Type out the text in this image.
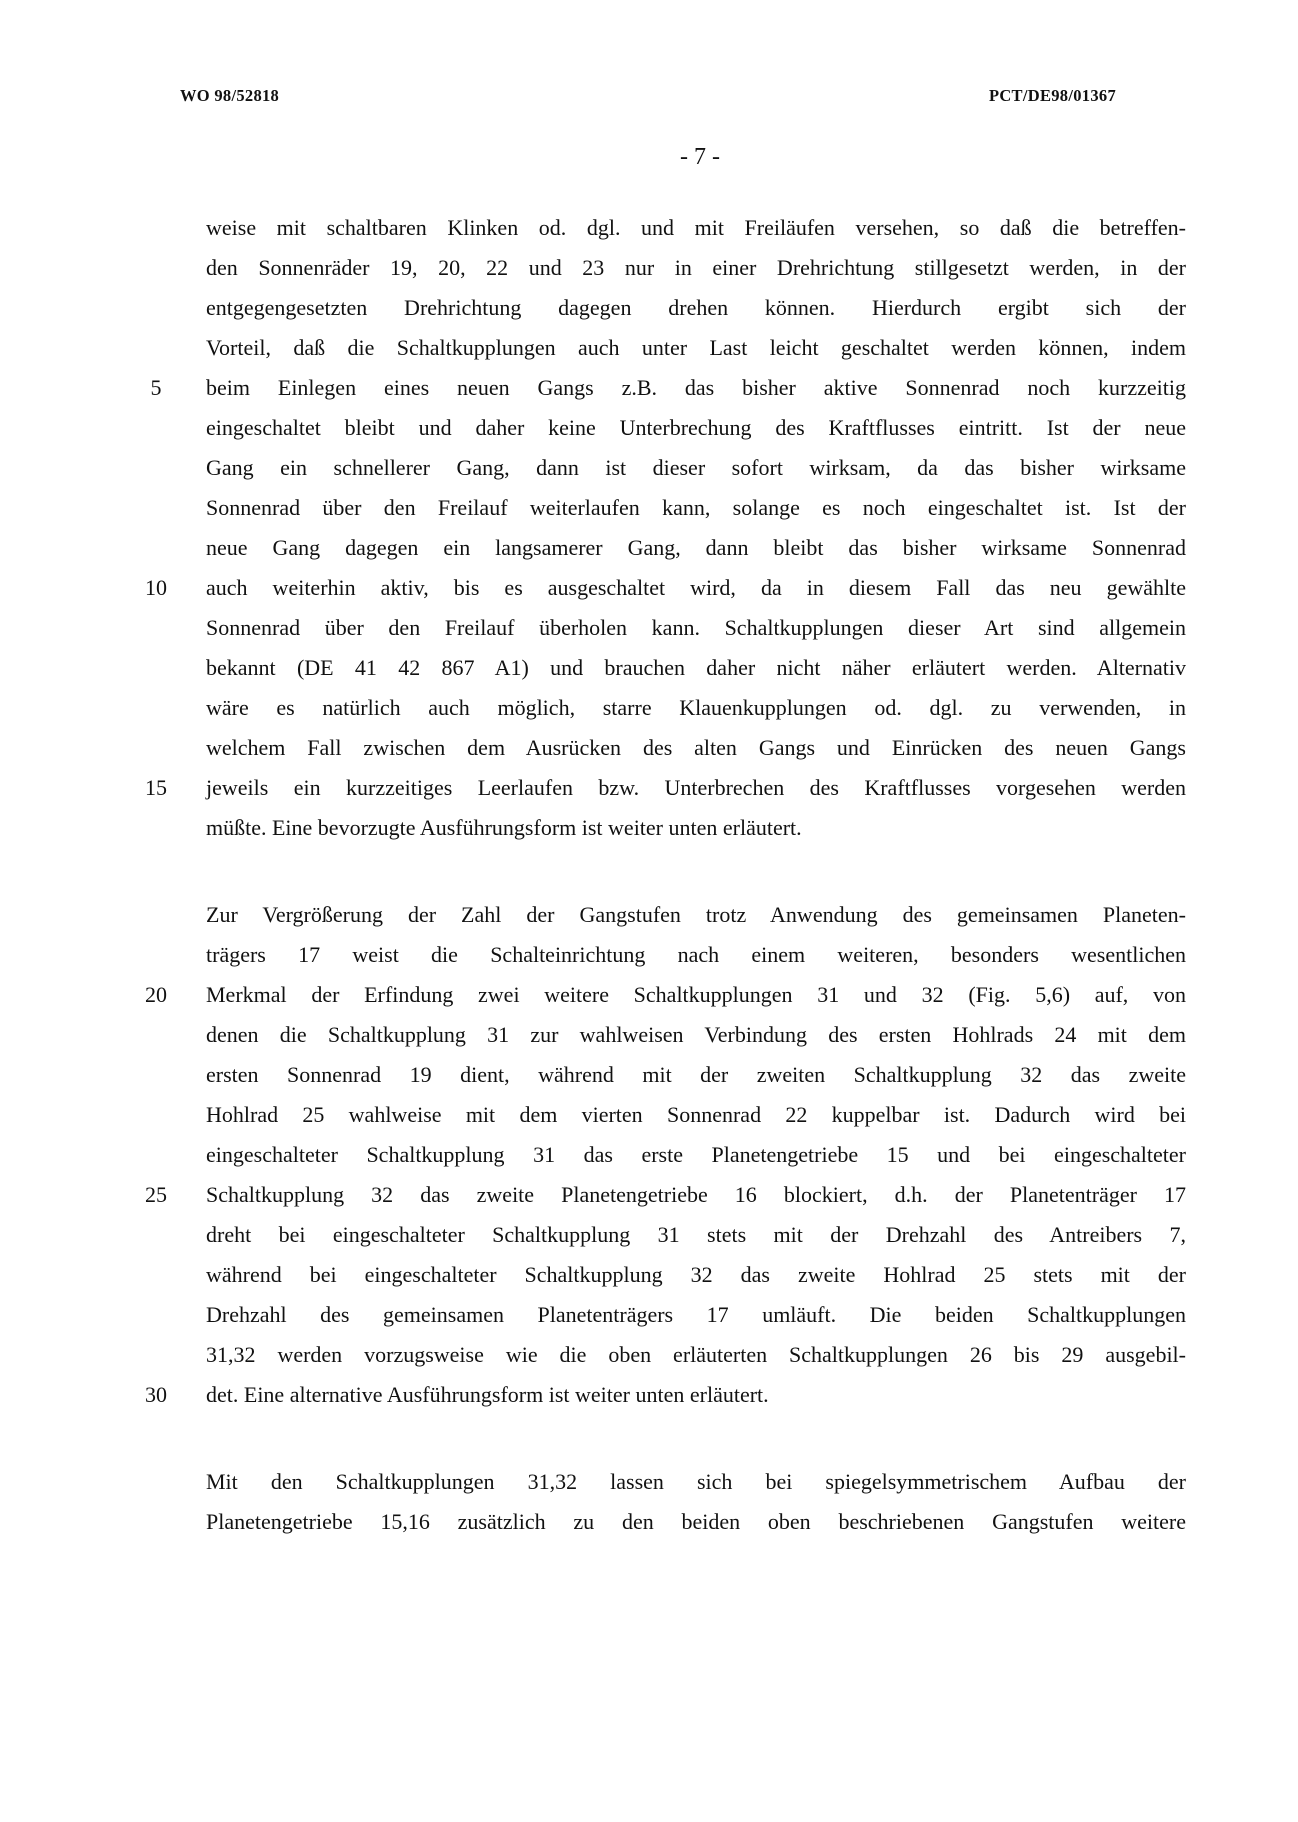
WO 98/52818	PCT/DE98/01367
- 7 -
weise mit schaltbaren Klinken od. dgl. und mit Freiläufen versehen, so daß die betreffen-
den Sonnenräder 19, 20, 22 und 23 nur in einer Drehrichtung stillgesetzt werden, in der
entgegengesetzten Drehrichtung dagegen drehen können. Hierdurch ergibt sich der
Vorteil, daß die Schaltkupplungen auch unter Last leicht geschaltet werden können, indem
beim Einlegen eines neuen Gangs z.B. das bisher aktive Sonnenrad noch kurzzeitig
eingeschaltet bleibt und daher keine Unterbrechung des Kraftflusses eintritt. Ist der neue
Gang ein schnellerer Gang, dann ist dieser sofort wirksam, da das bisher wirksame
Sonnenrad über den Freilauf weiterlaufen kann, solange es noch eingeschaltet ist. Ist der
neue Gang dagegen ein langsamerer Gang, dann bleibt das bisher wirksame Sonnenrad
auch weiterhin aktiv, bis es ausgeschaltet wird, da in diesem Fall das neu gewählte
Sonnenrad über den Freilauf überholen kann. Schaltkupplungen dieser Art sind allgemein
bekannt (DE 41 42 867 A1) und brauchen daher nicht näher erläutert werden. Alternativ
wäre es natürlich auch möglich, starre Klauenkupplungen od. dgl. zu verwenden, in
welchem Fall zwischen dem Ausrücken des alten Gangs und Einrücken des neuen Gangs
jeweils ein kurzzeitiges Leerlaufen bzw. Unterbrechen des Kraftflusses vorgesehen werden
müßte. Eine bevorzugte Ausführungsform ist weiter unten erläutert.
Zur Vergrößerung der Zahl der Gangstufen trotz Anwendung des gemeinsamen Planeten-
trägers 17 weist die Schalteinrichtung nach einem weiteren, besonders wesentlichen
Merkmal der Erfindung zwei weitere Schaltkupplungen 31 und 32 (Fig. 5,6) auf, von
denen die Schaltkupplung 31 zur wahlweisen Verbindung des ersten Hohlrads 24 mit dem
ersten Sonnenrad 19 dient, während mit der zweiten Schaltkupplung 32 das zweite
Hohlrad 25 wahlweise mit dem vierten Sonnenrad 22 kuppelbar ist. Dadurch wird bei
eingeschalteter Schaltkupplung 31 das erste Planetengetriebe 15 und bei eingeschalteter
Schaltkupplung 32 das zweite Planetengetriebe 16 blockiert, d.h. der Planetenträger 17
dreht bei eingeschalteter Schaltkupplung 31 stets mit der Drehzahl des Antreibers 7,
während bei eingeschalteter Schaltkupplung 32 das zweite Hohlrad 25 stets mit der
Drehzahl des gemeinsamen Planetenträgers 17 umläuft. Die beiden Schaltkupplungen
31,32 werden vorzugsweise wie die oben erläuterten Schaltkupplungen 26 bis 29 ausgebil-
det. Eine alternative Ausführungsform ist weiter unten erläutert.
Mit den Schaltkupplungen 31,32 lassen sich bei spiegelsymmetrischem Aufbau der
Planetengetriebe 15,16 zusätzlich zu den beiden oben beschriebenen Gangstufen weitere
5
10
15
20
25
30
